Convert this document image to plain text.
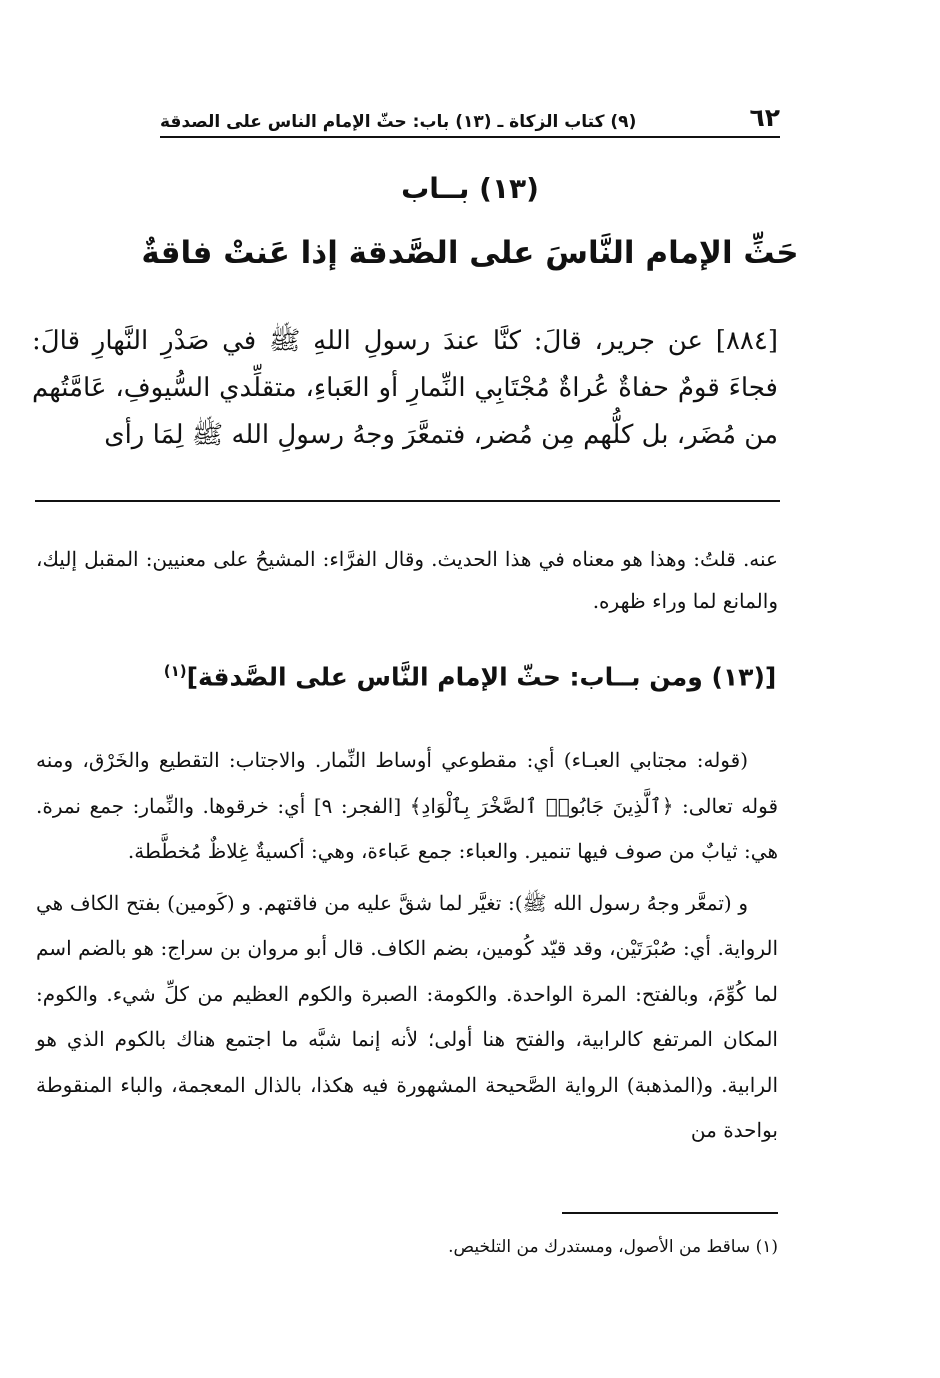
٦٢
(٩) كتاب الزكاة ـ (١٣) باب: حثّ الإمام الناس على الصدقة
(١٣) بــاب
حَثِّ الإمام النَّاسَ على الصَّدقة إذا عَنتْ فاقةٌ

[٨٨٤] عن جرير، قالَ: كنَّا عندَ رسولِ اللهِ ﷺ في صَدْرِ النَّهارِ قالَ: فجاءَ قومٌ حفاةٌ عُراةٌ مُجْتَابِي النِّمارِ أو العَباءِ، متقلِّدي السُّيوفِ، عَامَّتُهم من مُضَر، بل كلُّهم مِن مُضر، فتمعَّرَ وجهُ رسولِ الله ﷺ لِمَا رأى

عنه. قلتُ: وهذا هو معناه في هذا الحديث. وقال الفرَّاء: المشيحُ على معنيين: المقبل إليك، والمانع لما وراء ظهره.

[(١٣) ومن بــاب: حثّ الإمام النَّاس على الصَّدقة]$^{(١)}$

(قوله: مجتابي العبـاء) أي: مقطوعي أوساط النِّمار. والاجتاب: التقطيع والخَرْق، ومنه قوله تعالى: ﴿ٱلَّذِينَ جَابُوا۟ ٱلصَّخْرَ بِٱلْوَادِ﴾ [الفجر: ٩] أي: خرقوها. والنِّمار: جمع نمرة. هي: ثيابٌ من صوف فيها تنمير. والعباء: جمع عَباءة، وهي: أكسيةٌ غِلاظٌ مُخطَّطة.

و (تمعَّر وجهُ رسول الله ﷺ): تغيَّر لما شقَّ عليه من فاقتهم. و (كَومين) بفتح الكاف هي الرواية. أي: صُبْرَتَيْن، وقد قيّد كُومين، بضم الكاف. قال أبو مروان بن سراج: هو بالضم اسم لما كُوِّمَ، وبالفتح: المرة الواحدة. والكومة: الصبرة والكوم العظيم من كلِّ شيء. والكوم: المكان المرتفع كالرابية، والفتح هنا أولى؛ لأنه إنما شبَّه ما اجتمع هناك بالكوم الذي هو الرابية. و(المذهبة) الرواية الصَّحيحة المشهورة فيه هكذا، بالذال المعجمة، والباء المنقوطة بواحدة من

(١) ساقط من الأصول، ومستدرك من التلخيص.
